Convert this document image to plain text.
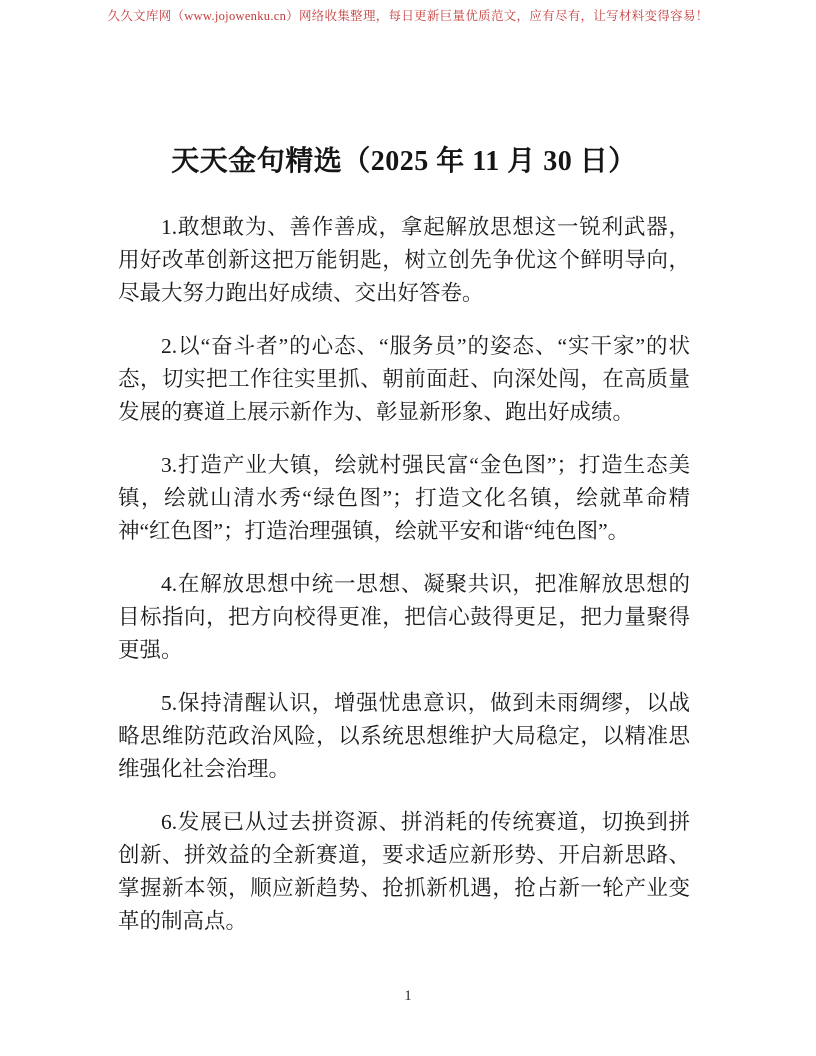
久久文库网（www.jojowenku.cn）网络收集整理，每日更新巨量优质范文，应有尽有，让写材料变得容易！
天天金句精选（2025 年 11 月 30 日）

1.敢想敢为、善作善成，拿起解放思想这一锐利武器，用好改革创新这把万能钥匙，树立创先争优这个鲜明导向，尽最大努力跑出好成绩、交出好答卷。

2.以“奋斗者”的心态、“服务员”的姿态、“实干家”的状态，切实把工作往实里抓、朝前面赶、向深处闯，在高质量发展的赛道上展示新作为、彰显新形象、跑出好成绩。

3.打造产业大镇，绘就村强民富“金色图”；打造生态美镇，绘就山清水秀“绿色图”；打造文化名镇，绘就革命精神“红色图”；打造治理强镇，绘就平安和谐“纯色图”。

4.在解放思想中统一思想、凝聚共识，把准解放思想的目标指向，把方向校得更准，把信心鼓得更足，把力量聚得更强。

5.保持清醒认识，增强忧患意识，做到未雨绸缪，以战略思维防范政治风险，以系统思想维护大局稳定，以精准思维强化社会治理。

6.发展已从过去拼资源、拼消耗的传统赛道，切换到拼创新、拼效益的全新赛道，要求适应新形势、开启新思路、掌握新本领，顺应新趋势、抢抓新机遇，抢占新一轮产业变革的制高点。

1
